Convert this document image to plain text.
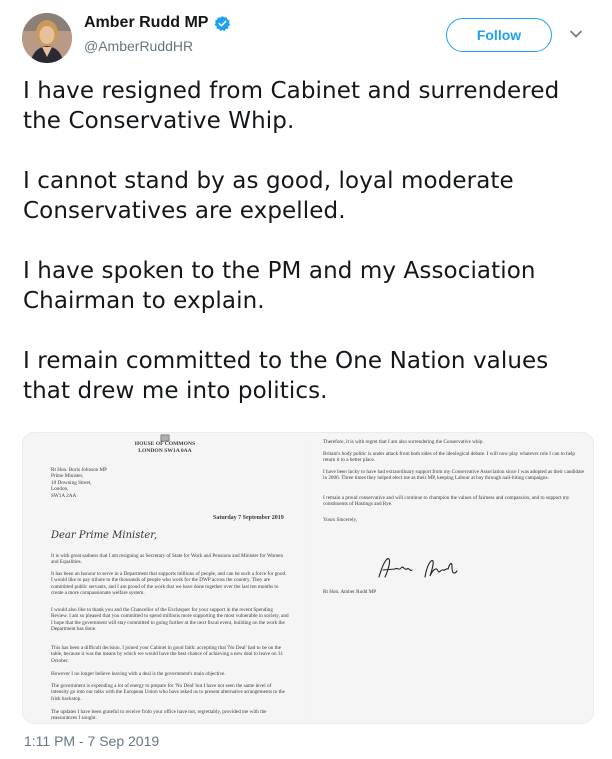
Amber Rudd MP
@AmberRuddHR
Follow

I have resigned from Cabinet and surrendered
the Conservative Whip.

I cannot stand by as good, loyal moderate
Conservatives are expelled.

I have spoken to the PM and my Association
Chairman to explain.

I remain committed to the One Nation values
that drew me into politics.

HOUSE OF COMMONS
LONDON SW1A 0AA
Rt Hon. Boris Johnson MP
Prime Minister,
10 Downing Street,
London,
SW1A 2AA
Saturday 7 September 2019
Dear Prime Minister,
It is with great sadness that I am resigning as Secretary of State for Work and Pensions and Minister for Women and Equalities.
It has been an honour to serve in a Department that supports millions of people, and can be such a force for good. I would like to pay tribute to the thousands of people who work for the DWP across the country. They are committed public servants, and I am proud of the work that we have done together over the last ten months to create a more compassionate welfare system.
I would also like to thank you and the Chancellor of the Exchequer for your support in the recent Spending Review. I am so pleased that you committed to spend millions more supporting the most vulnerable in society, and I hope that the government will stay committed to going further at the next fiscal event, building on the work the Department has done.
This has been a difficult decision. I joined your Cabinet in good faith: accepting that 'No Deal' had to be on the table, because it was the means by which we would have the best chance of achieving a new deal to leave on 31 October.
However I no longer believe leaving with a deal is the government's main objective.
The government is expending a lot of energy to prepare for 'No Deal' but I have not seen the same level of intensity go into our talks with the European Union who have asked us to present alternative arrangements to the Irish backstop.
The updates I have been grateful to receive from your office have not, regrettably, provided me with the reassurances I sought.
Therefore, it is with regret that I am also surrendering the Conservative whip.
Britain's body politic is under attack from both sides of the ideological debate. I will now play whatever role I can to help return it to a better place.
I have been lucky to have had extraordinary support from my Conservative Association since I was adopted as their candidate in 2006. Three times they helped elect me as their MP, keeping Labour at bay through nail-biting campaigns.
I remain a proud conservative and will continue to champion the values of fairness and compassion, and to support my constituents of Hastings and Rye.
Yours Sincerely,
Rt Hon. Amber Rudd MP
1:11 PM - 7 Sep 2019
